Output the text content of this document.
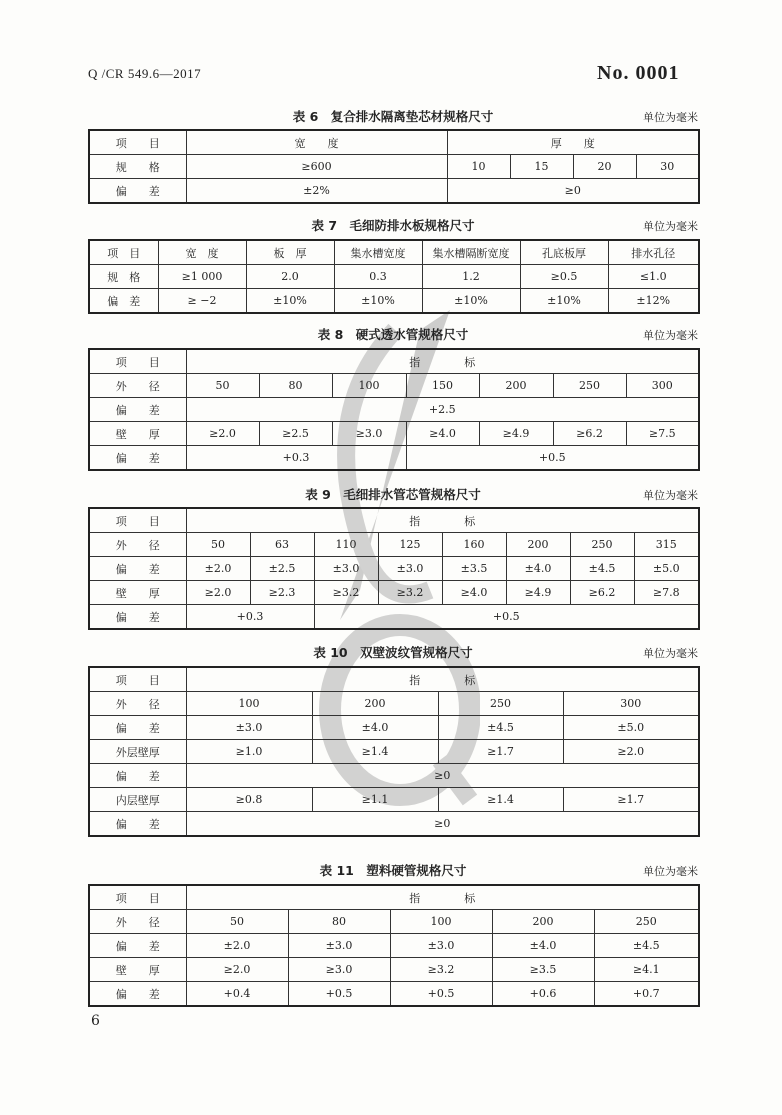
Q /CR 549.6—2017	No. 0001
表 6　复合排水隔离垫芯材规格尺寸	单位为毫米
项　　目	宽　　度	厚　　度			
规　　格	≥600	10	15	20	30
偏　　差	±2%	≥0			
表 7　毛细防排水板规格尺寸	单位为毫米
项　目	宽　度	板　厚	集水槽宽度	集水槽隔断宽度	孔底板厚	排水孔径
规　格	≥1 000	2.0	0.3	1.2	≥0.5	≤1.0
偏　差	≥ −2	±10%	±10%	±10%	±10%	±12%
表 8　硬式透水管规格尺寸	单位为毫米
项　　目	指　　　　标						
外　　径	50	80	100	150	200	250	300
偏　　差	+2.5						
壁　　厚	≥2.0	≥2.5	≥3.0	≥4.0	≥4.9	≥6.2	≥7.5
偏　　差	+0.3			+0.5			
表 9　毛细排水管芯管规格尺寸	单位为毫米
项　　目	指　　　　标							
外　　径	50	63	110	125	160	200	250	315
偏　　差	±2.0	±2.5	±3.0	±3.0	±3.5	±4.0	±4.5	±5.0
壁　　厚	≥2.0	≥2.3	≥3.2	≥3.2	≥4.0	≥4.9	≥6.2	≥7.8
偏　　差	+0.3		+0.5					
表 10　双壁波纹管规格尺寸	单位为毫米
项　　目	指　　　　标			
外　　径	100	200	250	300
偏　　差	±3.0	±4.0	±4.5	±5.0
外层壁厚	≥1.0	≥1.4	≥1.7	≥2.0
偏　　差	≥0			
内层壁厚	≥0.8	≥1.1	≥1.4	≥1.7
偏　　差	≥0			
表 11　塑料硬管规格尺寸	单位为毫米
项　　目	指　　　　标				
外　　径	50	80	100	200	250
偏　　差	±2.0	±3.0	±3.0	±4.0	±4.5
壁　　厚	≥2.0	≥3.0	≥3.2	≥3.5	≥4.1
偏　　差	+0.4	+0.5	+0.5	+0.6	+0.7
6
